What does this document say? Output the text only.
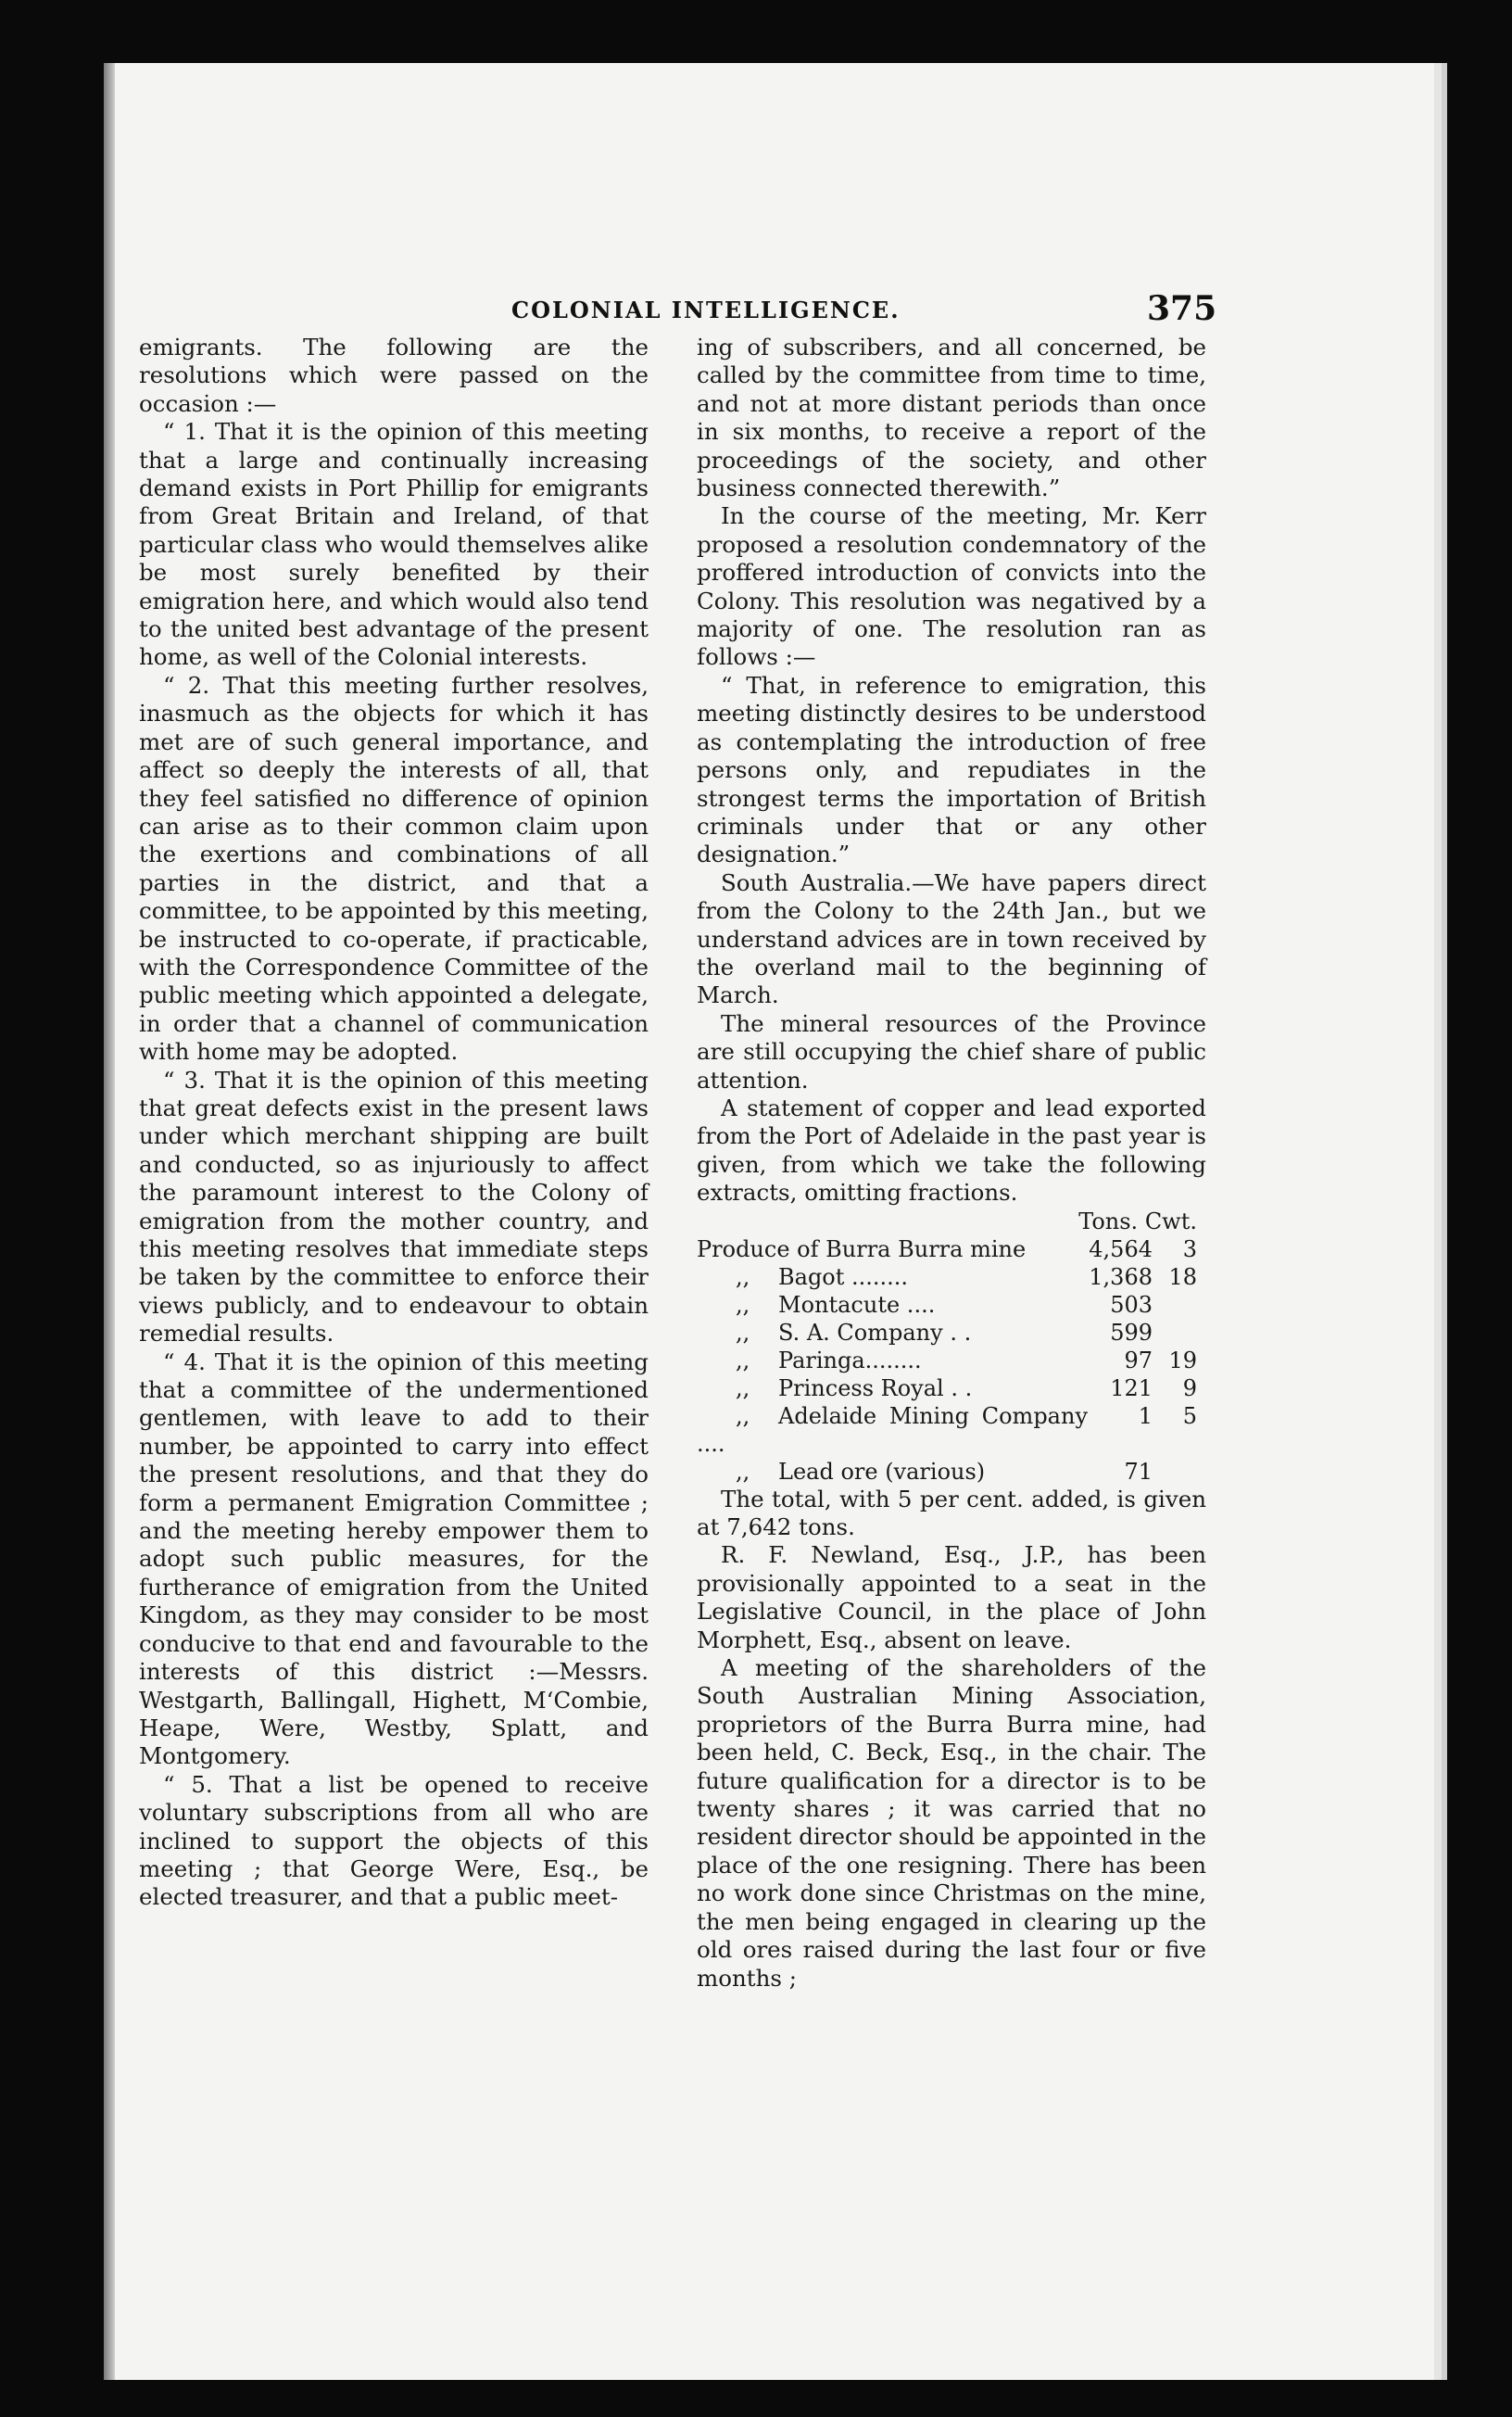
COLONIAL INTELLIGENCE.	375

emigrants. The following are the resolutions which were passed on the occasion :—

“ 1. That it is the opinion of this meeting that a large and continually increasing demand exists in Port Phillip for emigrants from Great Britain and Ireland, of that particular class who would themselves alike be most surely benefited by their emigration here, and which would also tend to the united best advantage of the present home, as well of the Colonial interests.

“ 2. That this meeting further resolves, inasmuch as the objects for which it has met are of such general importance, and affect so deeply the interests of all, that they feel satisfied no difference of opinion can arise as to their common claim upon the exertions and combinations of all parties in the district, and that a committee, to be appointed by this meeting, be instructed to co-operate, if practicable, with the Correspondence Committee of the public meeting which appointed a delegate, in order that a channel of communication with home may be adopted.

“ 3. That it is the opinion of this meeting that great defects exist in the present laws under which merchant shipping are built and conducted, so as injuriously to affect the paramount interest to the Colony of emigration from the mother country, and this meeting resolves that immediate steps be taken by the committee to enforce their views publicly, and to endeavour to obtain remedial results.

“ 4. That it is the opinion of this meeting that a committee of the undermentioned gentlemen, with leave to add to their number, be appointed to carry into effect the present resolutions, and that they do form a permanent Emigration Committee ; and the meeting hereby empower them to adopt such public measures, for the furtherance of emigration from the United Kingdom, as they may consider to be most conducive to that end and favourable to the interests of this district :—Messrs. Westgarth, Ballingall, Highett, M‘Combie, Heape, Were, Westby, Splatt, and Montgomery.

“ 5. That a list be opened to receive voluntary subscriptions from all who are inclined to support the objects of this meeting ; that George Were, Esq., be elected treasurer, and that a public meet-

ing of subscribers, and all concerned, be called by the committee from time to time, and not at more distant periods than once in six months, to receive a report of the proceedings of the society, and other business connected therewith.”

In the course of the meeting, Mr. Kerr proposed a resolution condemnatory of the proffered introduction of convicts into the Colony. This resolution was negatived by a majority of one. The resolution ran as follows :—

“ That, in reference to emigration, this meeting distinctly desires to be understood as contemplating the introduction of free persons only, and repudiates in the strongest terms the importation of British criminals under that or any other designation.”

South Australia.—We have papers direct from the Colony to the 24th Jan., but we understand advices are in town received by the overland mail to the beginning of March.

The mineral resources of the Province are still occupying the chief share of public attention.

A statement of copper and lead exported from the Port of Adelaide in the past year is given, from which we take the following extracts, omitting fractions.

Tons. Cwt.		
Produce of Burra Burra mine	4,564	3
,, Bagot ........	1,368	18
,, Montacute ....	503	
,, S. A. Company . .	599	
,, Paringa........	97	19
,, Princess Royal . .	121	9
,, Adelaide Mining Company ....	1	5
,, Lead ore (various)	71	

The total, with 5 per cent. added, is given at 7,642 tons.

R. F. Newland, Esq., J.P., has been provisionally appointed to a seat in the Legislative Council, in the place of John Morphett, Esq., absent on leave.

A meeting of the shareholders of the South Australian Mining Association, proprietors of the Burra Burra mine, had been held, C. Beck, Esq., in the chair. The future qualification for a director is to be twenty shares ; it was carried that no resident director should be appointed in the place of the one resigning. There has been no work done since Christmas on the mine, the men being engaged in clearing up the old ores raised during the last four or five months ;
